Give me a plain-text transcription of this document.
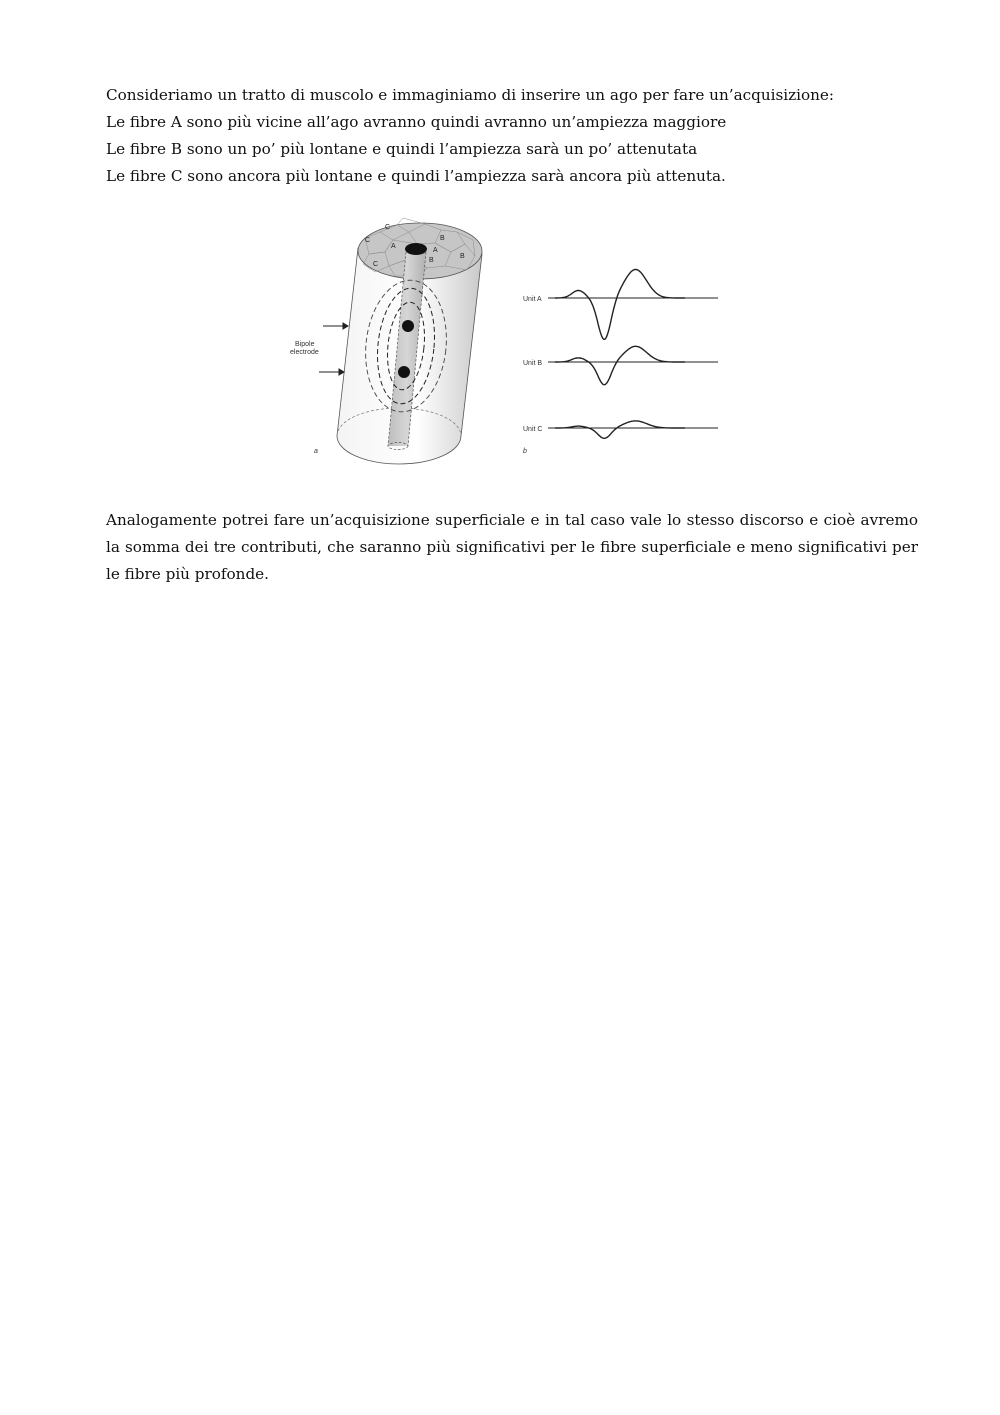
Consideriamo un tratto di muscolo e immaginiamo di inserire un ago per fare un’acquisizione:

Le fibre A sono più vicine all’ago avranno quindi avranno un’ampiezza maggiore

Le fibre B sono un po’ più lontane e quindi l’ampiezza sarà un po’ attenutata

Le fibre C sono ancora più lontane e quindi l’ampiezza sarà ancora più attenuta.

C
C
A
C
B
A
B
B
Bipole
electrode
a
Unit A
Unit B
Unit C
b

Analogamente potrei fare un’acquisizione superficiale e in tal caso vale lo stesso discorso e cioè avremo la somma dei tre contributi, che saranno più significativi per le fibre superficiale e meno significativi per le fibre più profonde.
